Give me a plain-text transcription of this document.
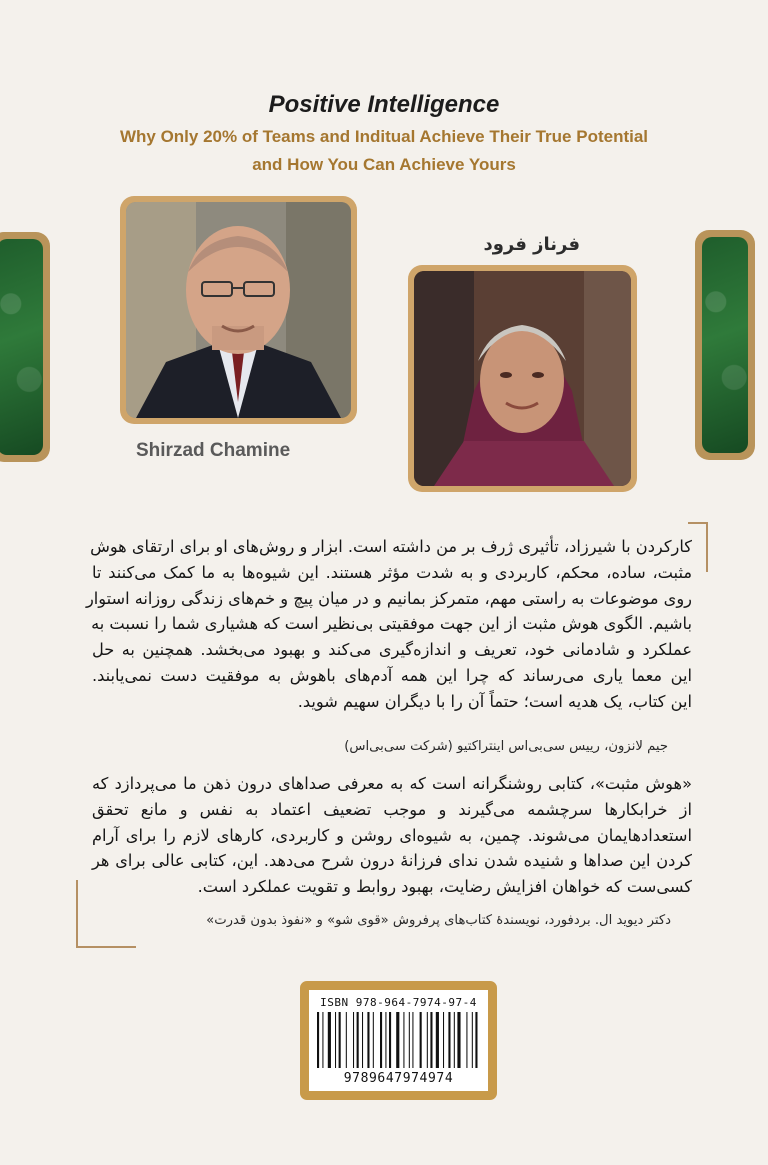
Positive Intelligence
Why Only 20% of Teams and Inditual Achieve Their True Potential
and How You Can Achieve Yours
Shirzad Chamine
فرناز فرود

کارکردن با شیرزاد، تأثیری ژرف بر من داشته است. ابزار و روش‌های او برای ارتقای هوش
مثبت، ساده، محکم، کاربردی و به شدت مؤثر هستند. این شیوه‌ها به ما کمک می‌کنند تا
روی موضوعات به راستی مهم، متمرکز بمانیم و در میان پیچ و خم‌های زندگی روزانه استوار
باشیم. الگوی هوش مثبت از این جهت موفقیتی بی‌نظیر است که هشیاری شما را نسبت به
عملکرد و شادمانی خود، تعریف و اندازه‌گیری می‌کند و بهبود می‌بخشد. همچنین به حل
این معما یاری می‌رساند که چرا این همه آدم‌های باهوش به موفقیت دست نمی‌یابند.
این کتاب، یک هدیه است؛ حتماً آن را با دیگران سهیم شوید.

جیم لانزون، رییس سی‌بی‌اس اینتراکتیو (شرکت سی‌بی‌اس)

«هوش مثبت»، کتابی روشنگرانه است که به معرفی صداهای درون ذهن ما می‌پردازد که
از خرابکارها سرچشمه می‌گیرند و موجب تضعیف اعتماد به نفس و مانع تحقق
استعدادهایمان می‌شوند. چمین، به شیوه‌ای روشن و کاربردی، کارهای لازم را برای آرام
کردن این صداها و شنیده شدن ندای فرزانهٔ درون شرح می‌دهد. این، کتابی عالی برای هر
کسی‌ست که خواهان افزایش رضایت، بهبود روابط و تقویت عملکرد است.

دکتر دیوید ال. بردفورد، نویسندهٔ کتاب‌های پرفروش «قوی شو» و «نفوذ بدون قدرت»

ISBN 978-964-7974-97-4
9789647974974
